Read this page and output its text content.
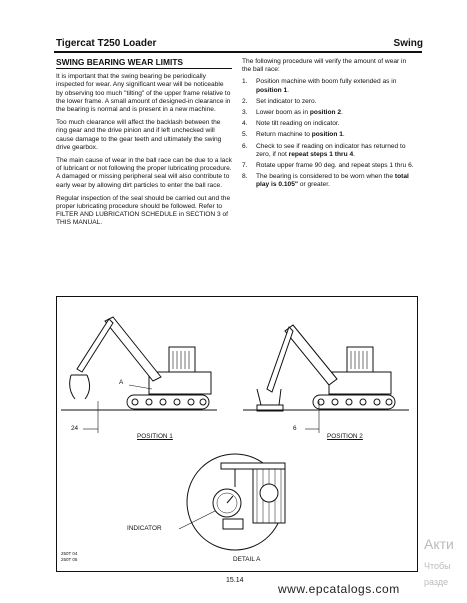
Tigercat T250 Loader	Swing
SWING BEARING WEAR LIMITS

It is important that the swing bearing be periodically inspected for wear. Any significant wear will be noticeable by observing too much "tilting" of the upper frame relative to the lower frame. A small amount of designed-in clearance in the bearing is normal and is present in a new machine.

Too much clearance will affect the backlash between the ring gear and the drive pinion and if left unchecked will cause damage to the gear teeth and ultimately the swing drive gearbox.

The main cause of wear in the ball race can be due to a lack of lubricant or not following the proper lubricating procedure. A damaged or missing peripheral seal will also contribute to early wear by allowing dirt particles to enter the ball race.

Regular inspection of the seal should be carried out and the proper lubricating procedure should be followed. Refer to FILTER AND LUBRICATION SCHEDULE in SECTION 3 of THIS MANUAL.

The following procedure will verify the amount of wear in the ball race:

1. Position machine with boom fully extended as in position 1.
2. Set indicator to zero.
3. Lower boom as in position 2.
4. Note tilt reading on indicator.
5. Return machine to position 1.
6. Check to see if reading on indicator has returned to zero, if not repeat steps 1 thru 4.
7. Rotate upper frame 90 deg. and repeat steps 1 thru 6.
8. The bearing is considered to be worn when the total play is 0.105" or greater.
A
24	6
POSITION 1	POSITION 2
INDICATOR
DETAIL A
250T 04
250T 05
15.14
www.epcatalogs.com
Акти
Чтобы
разде
